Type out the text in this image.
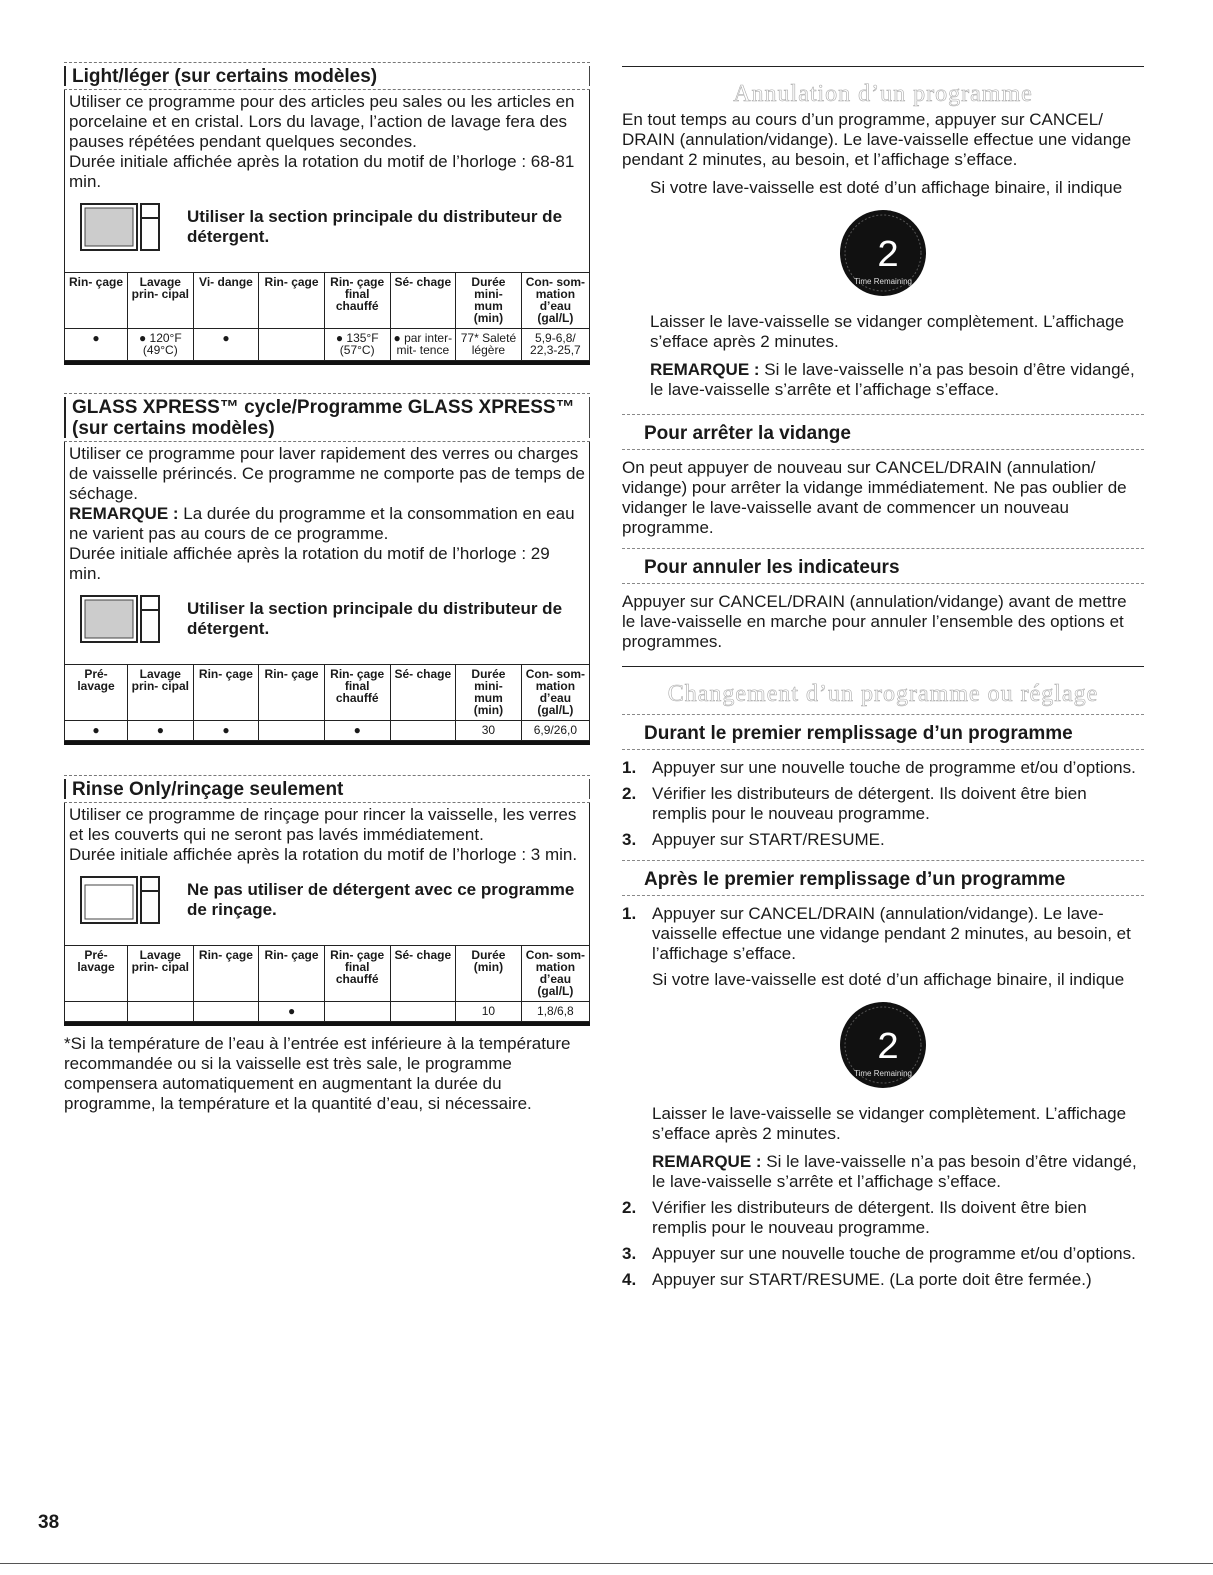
Light/léger (sur certains modèles)

Utiliser ce programme pour des articles peu sales ou les articles en porcelaine et en cristal. Lors du lavage, l’action de lavage fera des pauses répétées pendant quelques secondes.

Durée initiale affichée après la rotation du motif de l’horloge : 68-81 min.

Utiliser la section principale du distributeur de détergent.
Rin- çage	Lavage prin- cipal	Vi- dange	Rin- çage	Rin- çage final chauffé	Sé- chage	Durée mini- mum (min)	Con- som- mation d’eau (gal/L)
●	● 120°F (49°C)	●		● 135°F (57°C)	● par inter- mit- tence	77* Saleté légère	5,9-6,8/ 22,3-25,7
GLASS XPRESS™ cycle/Programme GLASS XPRESS™ (sur certains modèles)

Utiliser ce programme pour laver rapidement des verres ou charges de vaisselle prérincés. Ce programme ne comporte pas de temps de séchage.

REMARQUE : La durée du programme et la consommation en eau ne varient pas au cours de ce programme.

Durée initiale affichée après la rotation du motif de l’horloge : 29 min.

Utiliser la section principale du distributeur de détergent.
Pré- lavage	Lavage prin- cipal	Rin- çage	Rin- çage	Rin- çage final chauffé	Sé- chage	Durée mini- mum (min)	Con- som- mation d’eau (gal/L)
●	●	●		●		30	6,9/26,0
Rinse Only/rinçage seulement

Utiliser ce programme de rinçage pour rincer la vaisselle, les verres et les couverts qui ne seront pas lavés immédiatement.

Durée initiale affichée après la rotation du motif de l’horloge : 3 min.

Ne pas utiliser de détergent avec ce programme de rinçage.
Pré- lavage	Lavage prin- cipal	Rin- çage	Rin- çage	Rin- çage final chauffé	Sé- chage	Durée (min)	Con- som- mation d’eau (gal/L)
			●			10	1,8/6,8

*Si la température de l’eau à l’entrée est inférieure à la température recommandée ou si la vaisselle est très sale, le programme compensera automatiquement en augmentant la durée du programme, la température et la quantité d’eau, si nécessaire.

Annulation d’un programme

En tout temps au cours d’un programme, appuyer sur CANCEL/ DRAIN (annulation/vidange). Le lave-vaisselle effectue une vidange pendant 2 minutes, au besoin, et l’affichage s’efface.

Si votre lave-vaisselle est doté d’un affichage binaire, il indique

2
Time Remaining

Laisser le lave-vaisselle se vidanger complètement. L’affichage s’efface après 2 minutes.

REMARQUE : Si le lave-vaisselle n’a pas besoin d’être vidangé, le lave-vaisselle s’arrête et l’affichage s’efface.

Pour arrêter la vidange

On peut appuyer de nouveau sur CANCEL/DRAIN (annulation/ vidange) pour arrêter la vidange immédiatement. Ne pas oublier de vidanger le lave-vaisselle avant de commencer un nouveau programme.

Pour annuler les indicateurs

Appuyer sur CANCEL/DRAIN (annulation/vidange) avant de mettre le lave-vaisselle en marche pour annuler l’ensemble des options et programmes.

Changement d’un programme ou réglage
Durant le premier remplissage d’un programme
1. Appuyer sur une nouvelle touche de programme et/ou d’options.
2. Vérifier les distributeurs de détergent. Ils doivent être bien remplis pour le nouveau programme.
3. Appuyer sur START/RESUME.
Après le premier remplissage d’un programme
1. Appuyer sur CANCEL/DRAIN (annulation/vidange). Le lave-vaisselle effectue une vidange pendant 2 minutes, au besoin, et l’affichage s’efface.

Si votre lave-vaisselle est doté d’un affichage binaire, il indique

2
Time Remaining

Laisser le lave-vaisselle se vidanger complètement. L’affichage s’efface après 2 minutes.

REMARQUE : Si le lave-vaisselle n’a pas besoin d’être vidangé, le lave-vaisselle s’arrête et l’affichage s’efface.

2. Vérifier les distributeurs de détergent. Ils doivent être bien remplis pour le nouveau programme.
3. Appuyer sur une nouvelle touche de programme et/ou d’options.
4. Appuyer sur START/RESUME. (La porte doit être fermée.)
38
